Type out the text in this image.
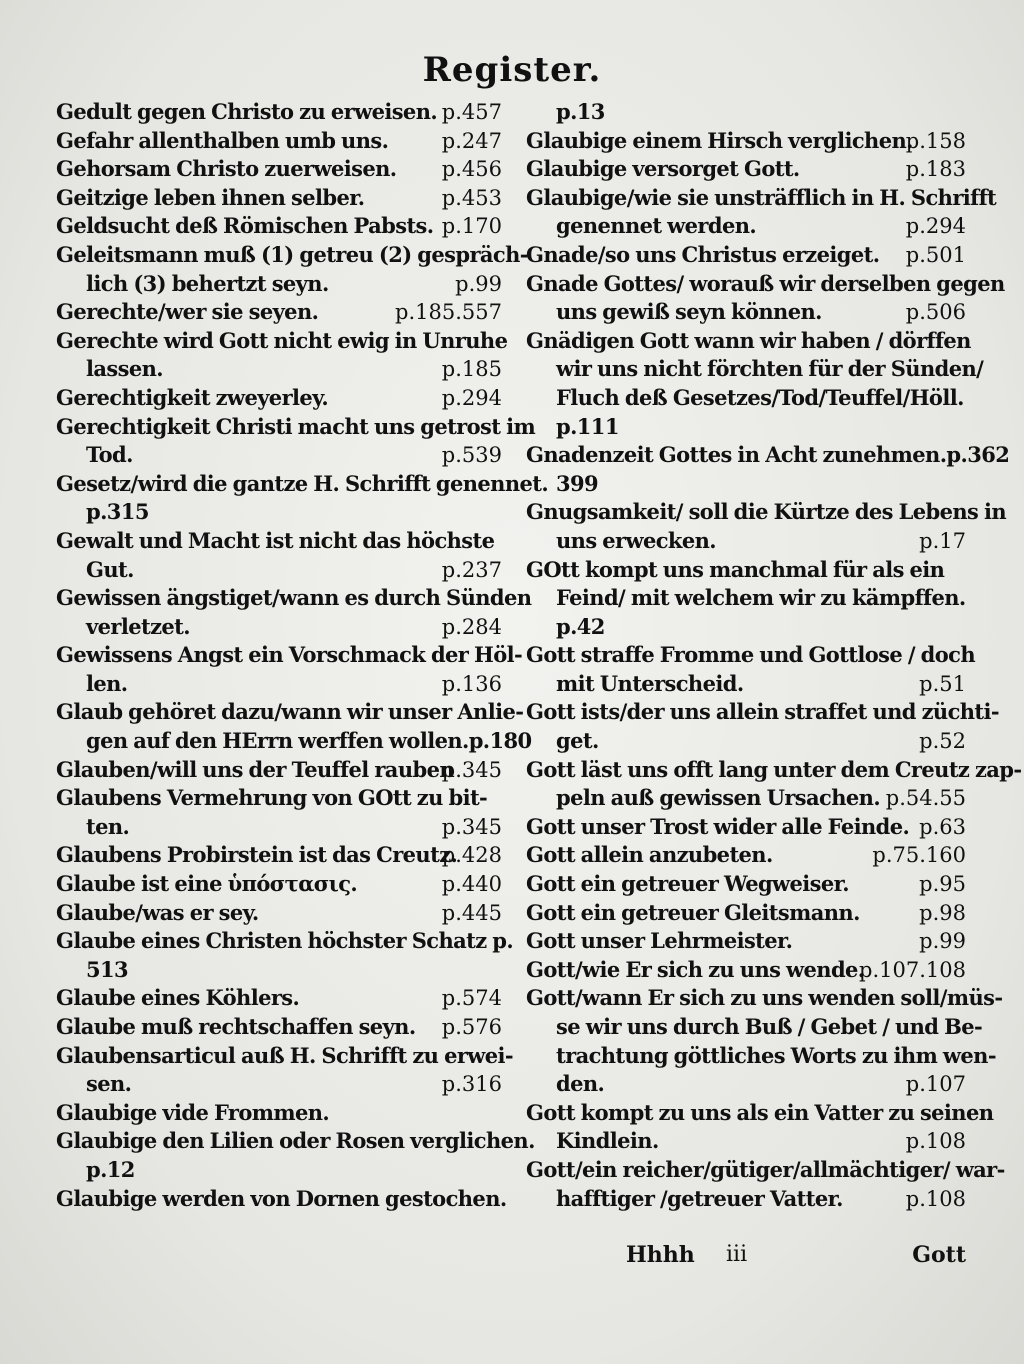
Register.
p.457
Gedult gegen Christo zu erweisen.
p.247
Gefahr allenthalben umb uns.
p.456
Gehorsam Christo zuerweisen.
p.453
Geitzige leben ihnen selber.
p.170
Geldsucht deß Römischen Pabsts.
Geleitsmann muß (1) getreu (2) gespräch-
p.99
lich (3) behertzt seyn.
p.185.557
Gerechte/wer sie seyen.
Gerechte wird Gott nicht ewig in Unruhe
p.185
lassen.
p.294
Gerechtigkeit zweyerley.
Gerechtigkeit Christi macht uns getrost im
p.539
Tod.
Gesetz/wird die gantze H. Schrifft genennet.
p.315
Gewalt und Macht ist nicht das höchste
p.237
Gut.
Gewissen ängstiget/wann es durch Sünden
p.284
verletzet.
Gewissens Angst ein Vorschmack der Höl-
p.136
len.
Glaub gehöret dazu/wann wir unser Anlie-
gen auf den HErrn werffen wollen.p.180
p.345
Glauben/will uns der Teuffel rauben
Glaubens Vermehrung von GOtt zu bit-
p.345
ten.
p.428
Glaubens Probirstein ist das Creutz.
p.440
Glaube ist eine ὑπόστασις.
p.445
Glaube/was er sey.
Glaube eines Christen höchster Schatz p.
513
p.574
Glaube eines Köhlers.
p.576
Glaube muß rechtschaffen seyn.
Glaubensarticul auß H. Schrifft zu erwei-
p.316
sen.
Glaubige vide Frommen.
Glaubige den Lilien oder Rosen verglichen.
p.12
Glaubige werden von Dornen gestochen.
p.13
p.158
Glaubige einem Hirsch verglichen.
p.183
Glaubige versorget Gott.
Glaubige/wie sie unsträfflich in H. Schrifft
p.294
genennet werden.
p.501
Gnade/so uns Christus erzeiget.
Gnade Gottes/ worauß wir derselben gegen
p.506
uns gewiß seyn können.
Gnädigen Gott wann wir haben / dörffen
wir uns nicht förchten für der Sünden/
Fluch deß Gesetzes/Tod/Teuffel/Höll.
p.111
Gnadenzeit Gottes in Acht zunehmen.p.362
399
Gnugsamkeit/ soll die Kürtze des Lebens in
p.17
uns erwecken.
GOtt kompt uns manchmal für als ein
Feind/ mit welchem wir zu kämpffen.
p.42
Gott straffe Fromme und Gottlose / doch
p.51
mit Unterscheid.
Gott ists/der uns allein straffet und züchti-
p.52
get.
Gott läst uns offt lang unter dem Creutz zap-
p.54.55
peln auß gewissen Ursachen.
p.63
Gott unser Trost wider alle Feinde.
p.75.160
Gott allein anzubeten.
p.95
Gott ein getreuer Wegweiser.
p.98
Gott ein getreuer Gleitsmann.
p.99
Gott unser Lehrmeister.
p.107.108
Gott/wie Er sich zu uns wende.
Gott/wann Er sich zu uns wenden soll/müs-
se wir uns durch Buß / Gebet / und Be-
trachtung göttliches Worts zu ihm wen-
p.107
den.
Gott kompt zu uns als ein Vatter zu seinen
p.108
Kindlein.
Gott/ein reicher/gütiger/allmächtiger/ war-
p.108
hafftiger /getreuer Vatter.
Hhhh iii	Gott
